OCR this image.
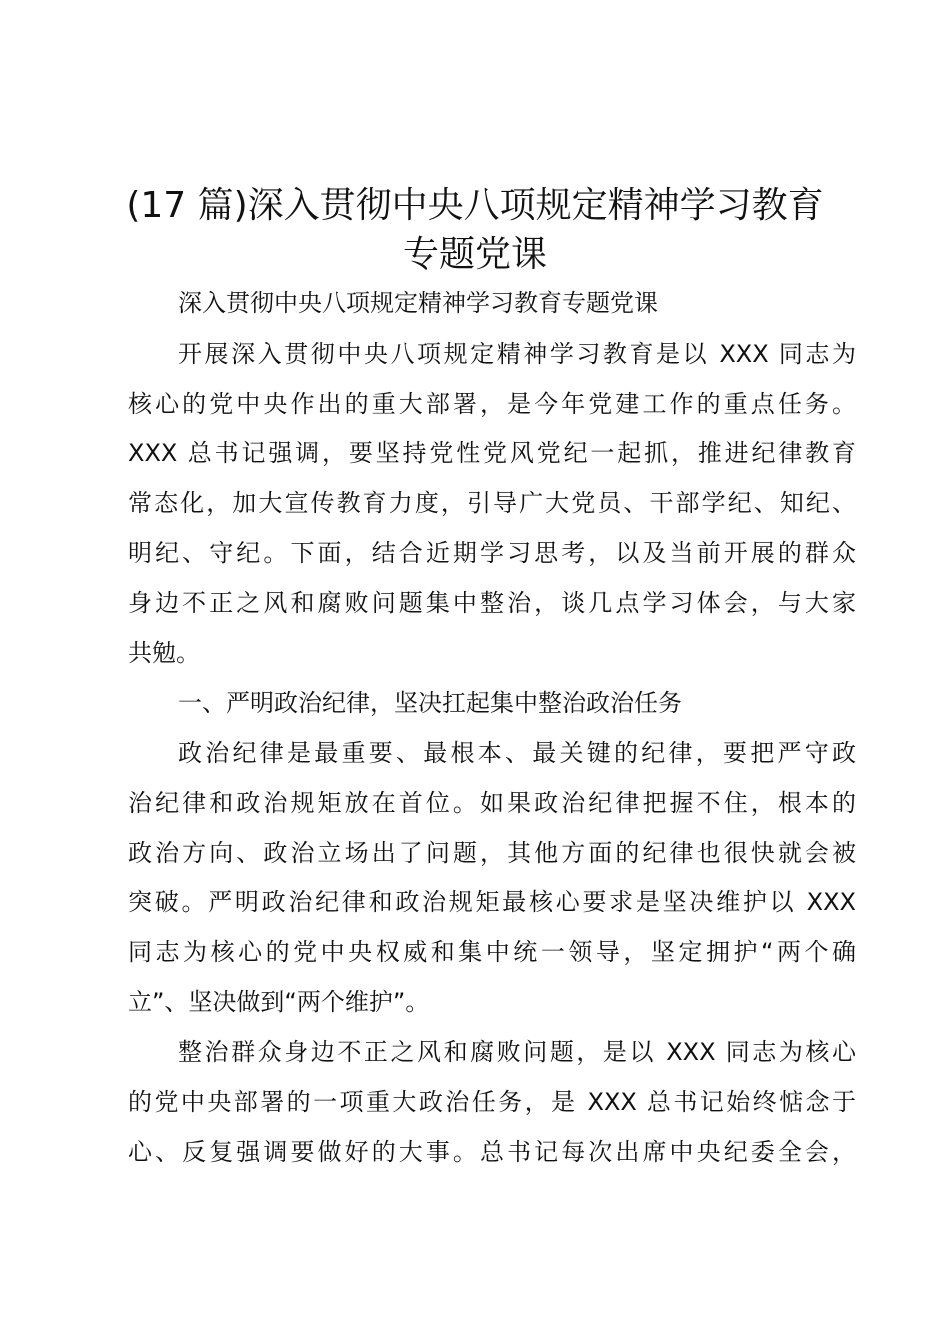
(17 篇)深入贯彻中央八项规定精神学习教育
专题党课
深入贯彻中央八项规定精神学习教育专题党课
开展深入贯彻中央八项规定精神学习教育是以 XXX 同志为
核心的党中央作出的重大部署，是今年党建工作的重点任务。
XXX 总书记强调，要坚持党性党风党纪一起抓，推进纪律教育
常态化，加大宣传教育力度，引导广大党员、干部学纪、知纪、
明纪、守纪。下面，结合近期学习思考，以及当前开展的群众
身边不正之风和腐败问题集中整治，谈几点学习体会，与大家
共勉。
一、严明政治纪律，坚决扛起集中整治政治任务
政治纪律是最重要、最根本、最关键的纪律，要把严守政
治纪律和政治规矩放在首位。如果政治纪律把握不住，根本的
政治方向、政治立场出了问题，其他方面的纪律也很快就会被
突破。严明政治纪律和政治规矩最核心要求是坚决维护以 XXX
同志为核心的党中央权威和集中统一领导，坚定拥护“两个确
立”、坚决做到“两个维护”。
整治群众身边不正之风和腐败问题，是以 XXX 同志为核心
的党中央部署的一项重大政治任务，是 XXX 总书记始终惦念于
心、反复强调要做好的大事。总书记每次出席中央纪委全会，
